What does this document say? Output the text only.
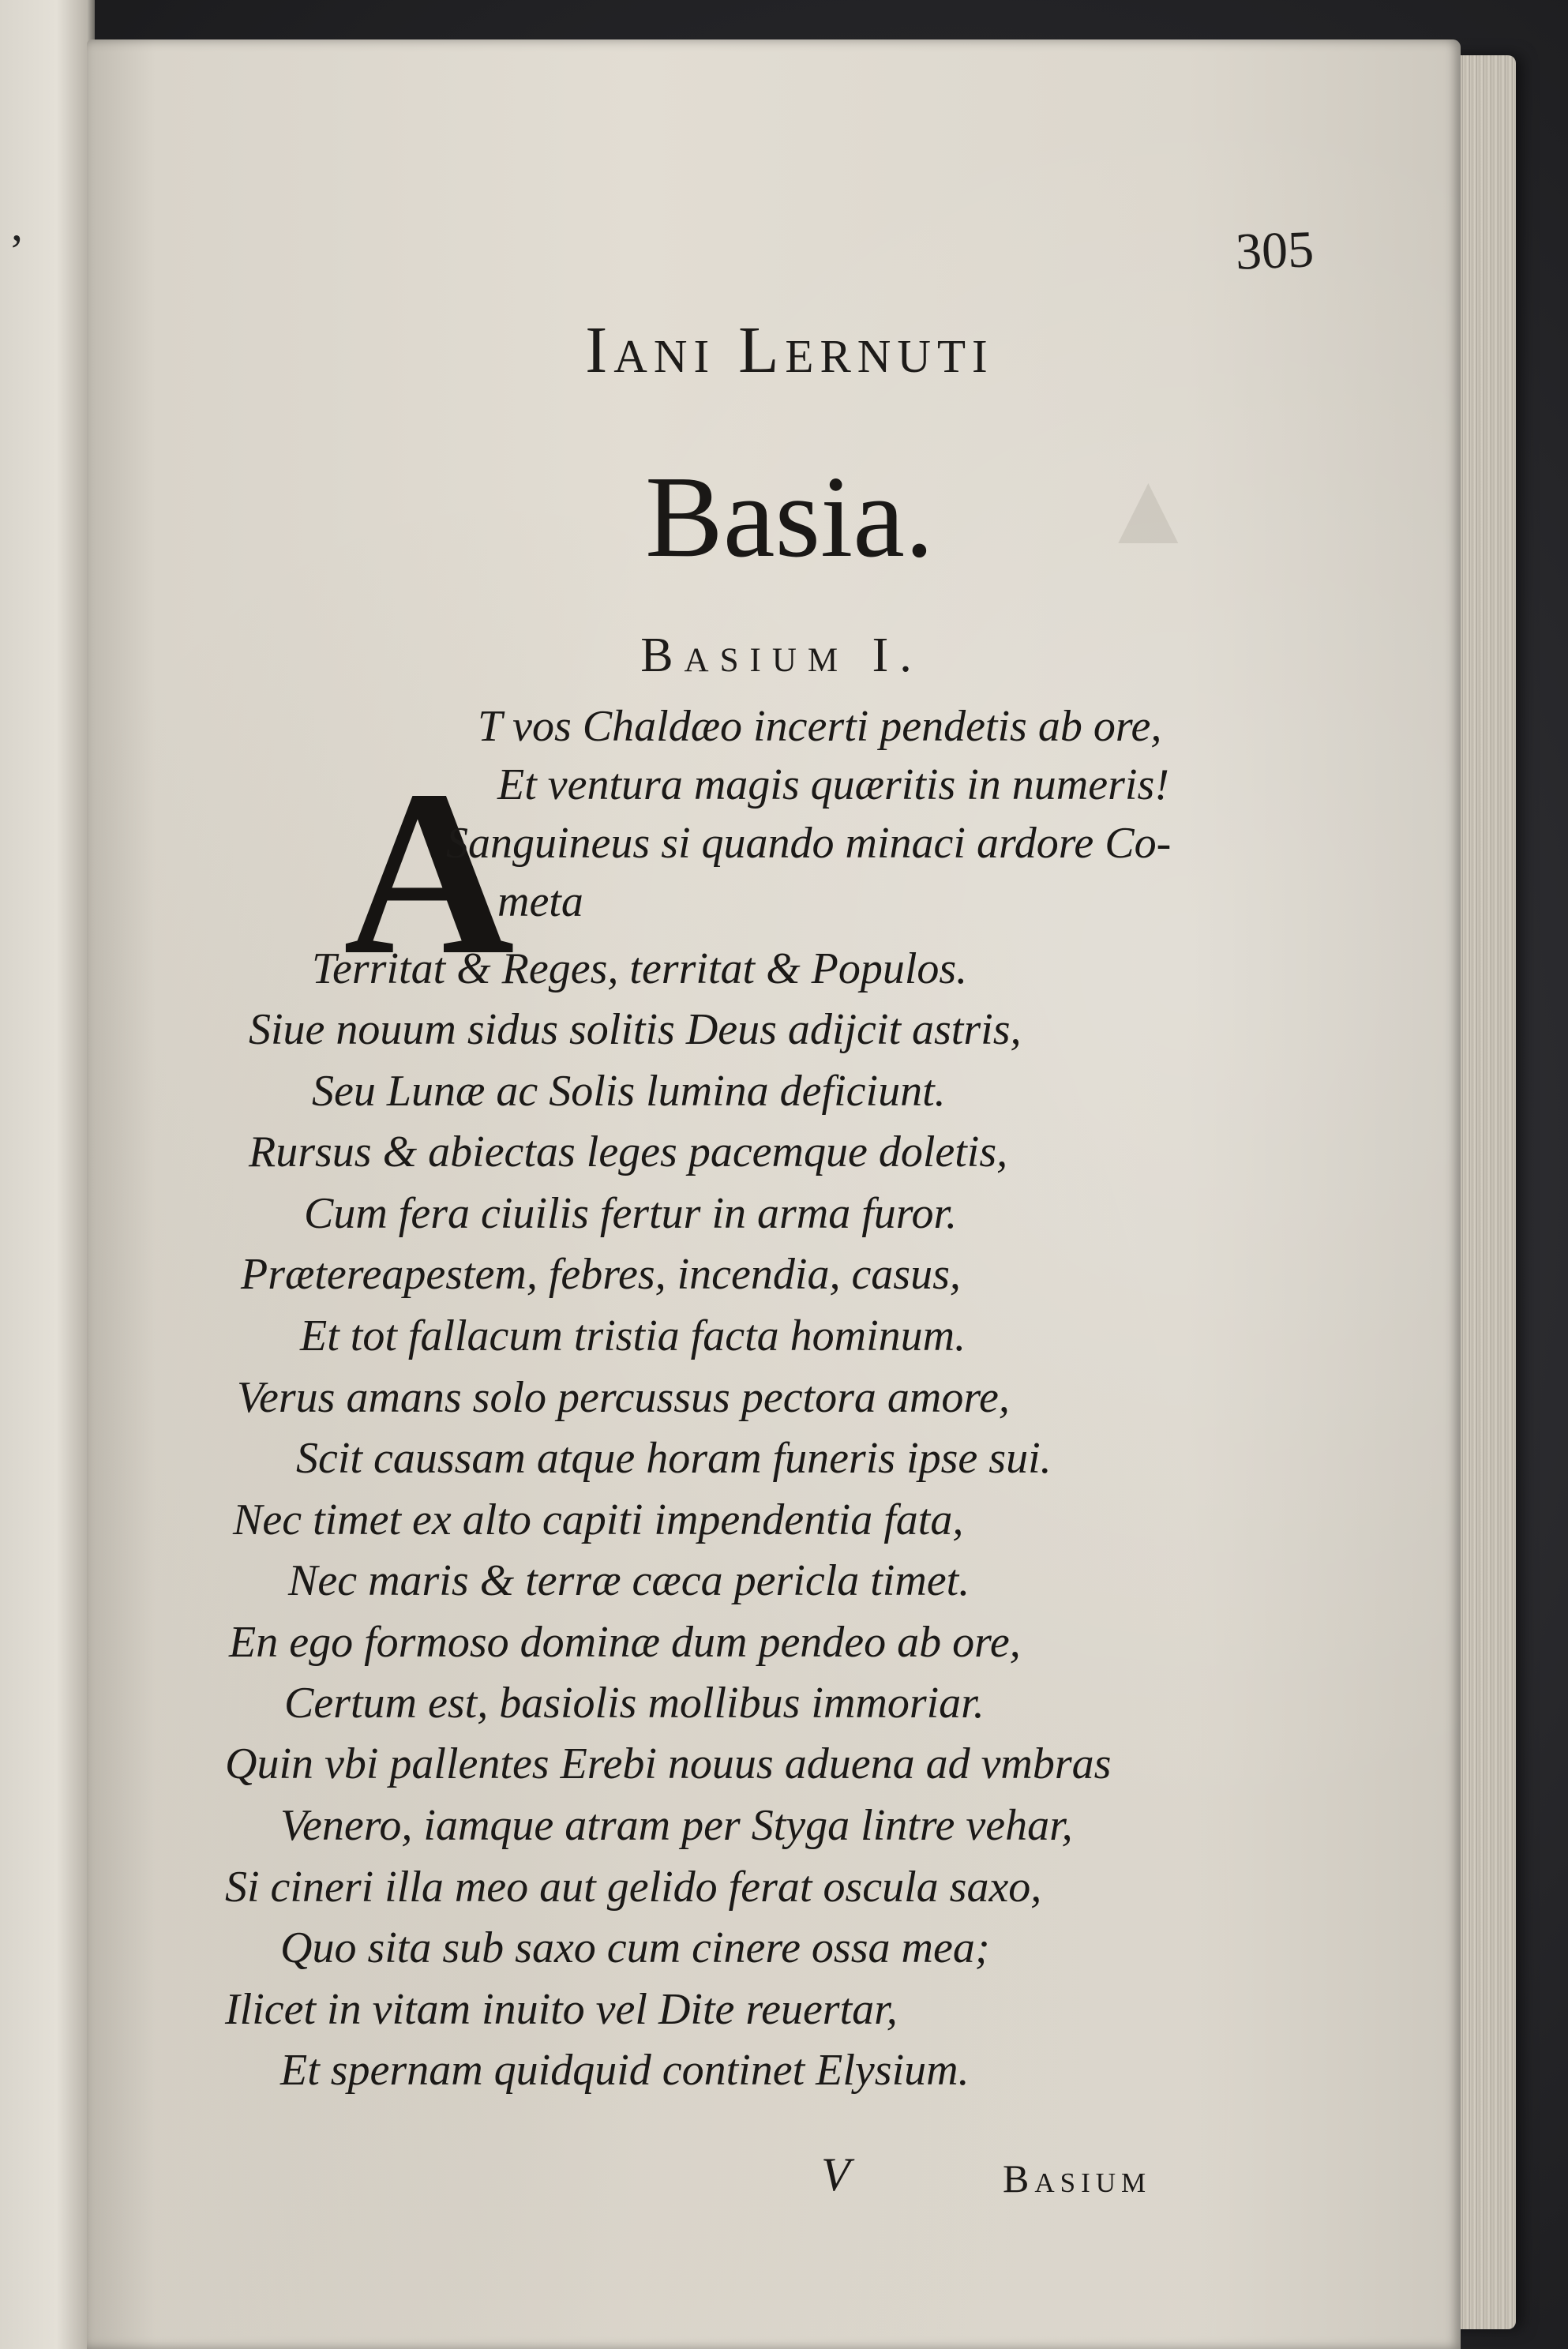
,
▲
305
Iani Lernuti
Basia.
Basium I.
A
T vos Chaldæo incerti pendetis ab ore,
Et ventura magis quæritis in numeris!
Sanguineus si quando minaci ardore Co-
meta
Territat & Reges, territat & Populos.
Siue nouum sidus solitis Deus adijcit astris,
Seu Lunæ ac Solis lumina deficiunt.
Rursus & abiectas leges pacemque doletis,
Cum fera ciuilis fertur in arma furor.
Prætereapestem, febres, incendia, casus,
Et tot fallacum tristia facta hominum.
Verus amans solo percussus pectora amore,
Scit caussam atque horam funeris ipse sui.
Nec timet ex alto capiti impendentia fata,
Nec maris & terræ cæca pericla timet.
En ego formoso dominæ dum pendeo ab ore,
Certum est, basiolis mollibus immoriar.
Quin vbi pallentes Erebi nouus aduena ad vmbras
Venero, iamque atram per Styga lintre vehar,
Si cineri illa meo aut gelido ferat oscula saxo,
Quo sita sub saxo cum cinere ossa mea;
Ilicet in vitam inuito vel Dite reuertar,
Et spernam quidquid continet Elysium.
V	Basium
